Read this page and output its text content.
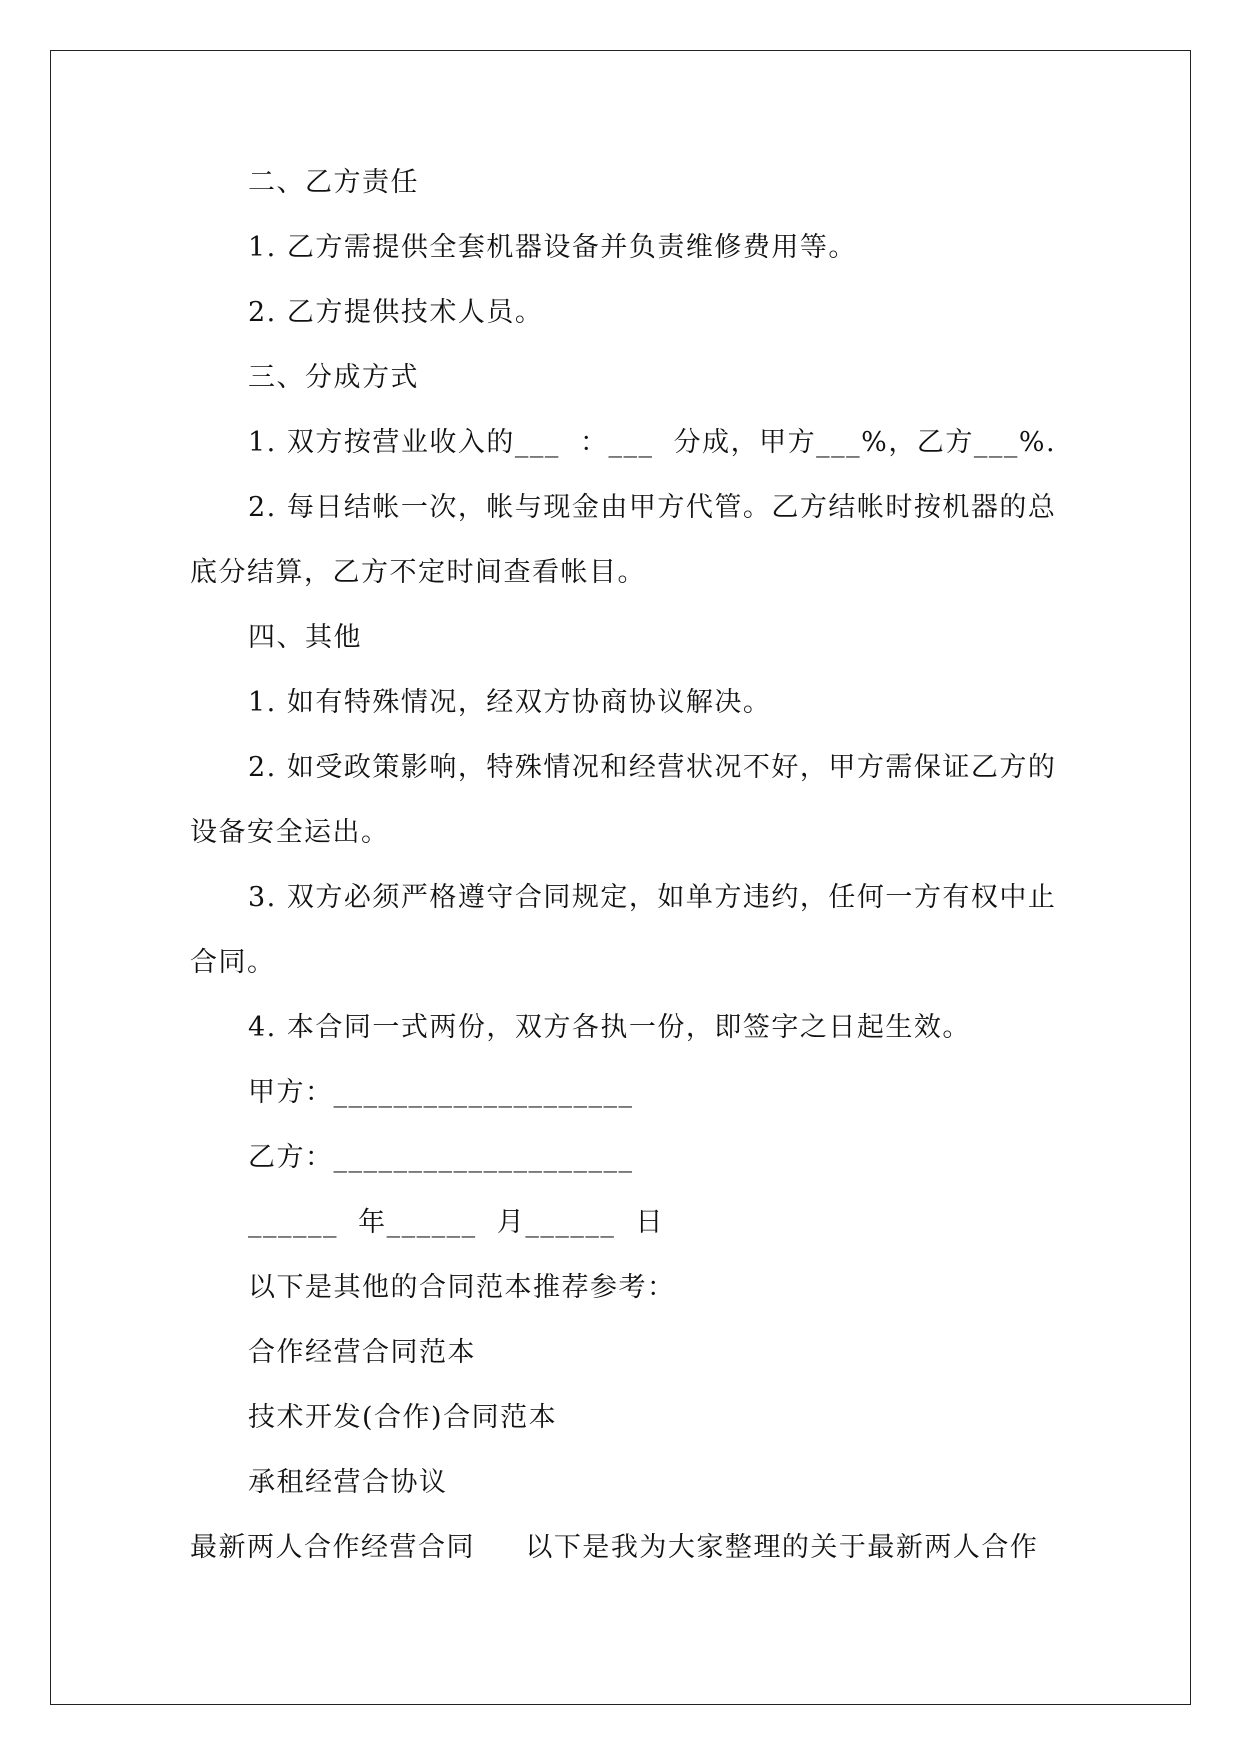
二、乙方责任
1. 乙方需提供全套机器设备并负责维修费用等。
2. 乙方提供技术人员。
三、分成方式
1. 双方按营业收入的___  ：___  分成，甲方___%，乙方___%.
2. 每日结帐一次，帐与现金由甲方代管。乙方结帐时按机器的总
底分结算，乙方不定时间查看帐目。
四、其他
1. 如有特殊情况，经双方协商协议解决。
2. 如受政策影响，特殊情况和经营状况不好，甲方需保证乙方的
设备安全运出。
3. 双方必须严格遵守合同规定，如单方违约，任何一方有权中止
合同。
4. 本合同一式两份，双方各执一份，即签字之日起生效。
甲方：____________________
乙方：____________________
______  年______  月______  日
以下是其他的合同范本推荐参考：
合作经营合同范本
技术开发(合作)合同范本
承租经营合协议
最新两人合作经营合同     以下是我为大家整理的关于最新两人合作
